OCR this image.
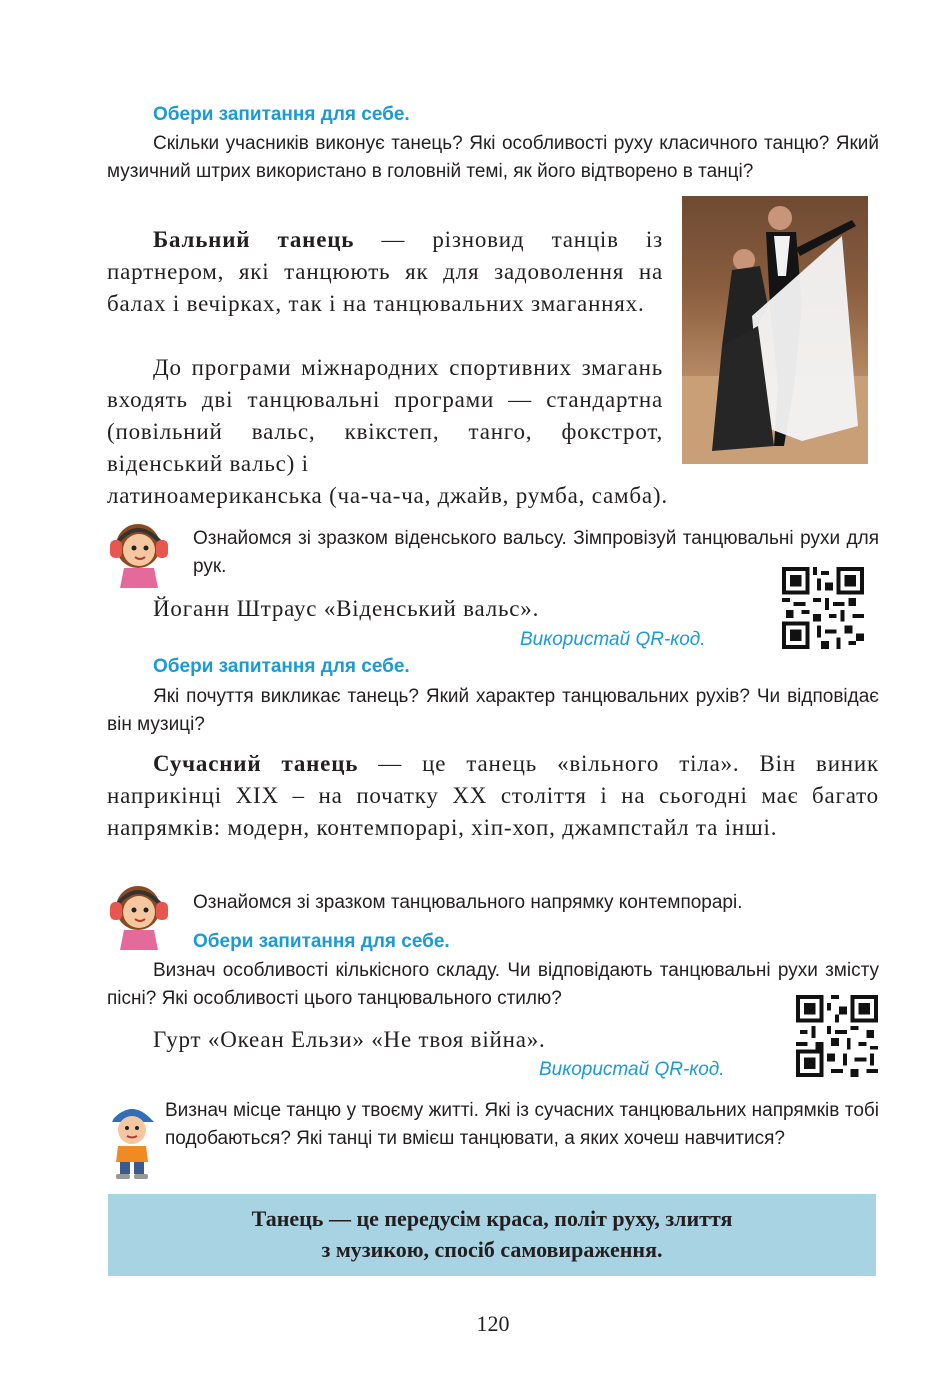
Обери запитання для себе.
Скільки учасників виконує танець? Які особливості руху класичного танцю? Який музичний штрих використано в головній темі, як його відтворено в танці?
Бальний танець — різновид танців із партнером, які танцюють як для задоволення на балах і вечірках, так і на танцювальних змаганнях.
До програми міжнародних спортивних змагань входять дві танцювальні програми — стандартна (повільний вальс, квікстеп, танго, фокстрот, віденський вальс) і
латиноамериканська (ча-ча-ча, джайв, румба, самба).
Ознайомся зі зразком віденського вальсу. Зімпровізуй танцювальні рухи для рук.
Йоганн Штраус «Віденський вальс».
Використай QR-код.
Обери запитання для себе.
Які почуття викликає танець? Який характер танцювальних рухів? Чи відповідає він музиці?
Сучасний танець — це танець «вільного тіла». Він виник наприкінці XIX – на початку XX століття і на сьогодні має багато напрямків: модерн, контемпорарі, хіп-хоп, джампстайл та інші.
Ознайомся зі зразком танцювального напрямку контемпорарі.
Обери запитання для себе.
Визнач особливості кількісного складу. Чи відповідають танцювальні рухи змісту пісні? Які особливості цього танцювального стилю?
Гурт «Океан Ельзи» «Не твоя війна».
Використай QR-код.
Визнач місце танцю у твоєму житті. Які із сучасних танцювальних напрямків тобі подобаються? Які танці ти вмієш танцювати, а яких хочеш навчитися?
Танець — це передусім краса, політ руху, злиття
з музикою, спосіб самовираження.
120
